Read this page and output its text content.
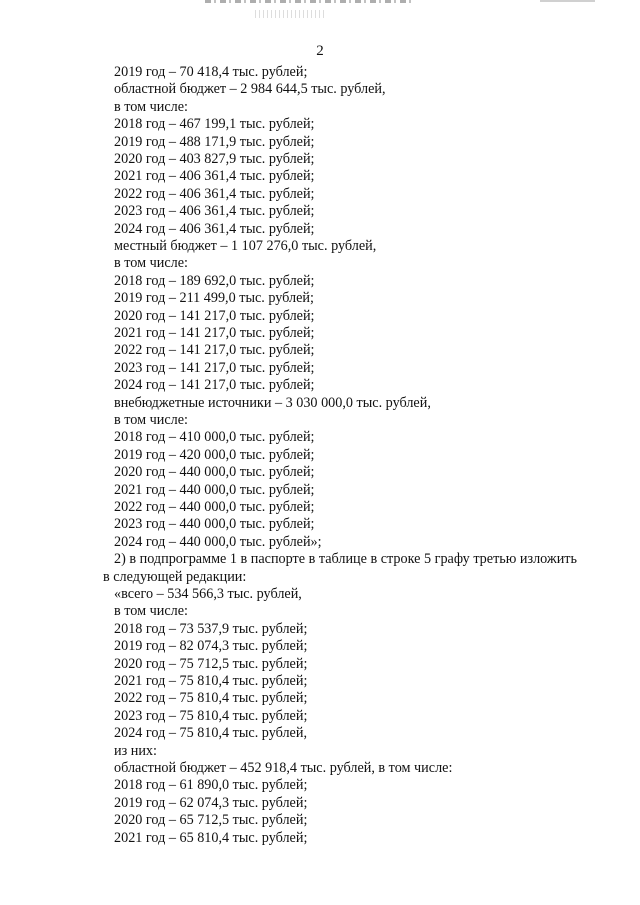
2
2019 год – 70 418,4 тыс. рублей;
областной бюджет – 2 984 644,5 тыс. рублей,
в том числе:
2018 год – 467 199,1 тыс. рублей;
2019 год – 488 171,9 тыс. рублей;
2020 год – 403 827,9 тыс. рублей;
2021 год – 406 361,4 тыс. рублей;
2022 год – 406 361,4 тыс. рублей;
2023 год – 406 361,4 тыс. рублей;
2024 год – 406 361,4 тыс. рублей;
местный бюджет – 1 107 276,0 тыс. рублей,
в том числе:
2018 год – 189 692,0 тыс. рублей;
2019 год – 211 499,0 тыс. рублей;
2020 год – 141 217,0 тыс. рублей;
2021 год – 141 217,0 тыс. рублей;
2022 год – 141 217,0 тыс. рублей;
2023 год – 141 217,0 тыс. рублей;
2024 год – 141 217,0 тыс. рублей;
внебюджетные источники – 3 030 000,0 тыс. рублей,
в том числе:
2018 год – 410 000,0 тыс. рублей;
2019 год – 420 000,0 тыс. рублей;
2020 год – 440 000,0 тыс. рублей;
2021 год – 440 000,0 тыс. рублей;
2022 год – 440 000,0 тыс. рублей;
2023 год – 440 000,0 тыс. рублей;
2024 год – 440 000,0 тыс. рублей»;
2) в подпрограмме 1 в паспорте в таблице в строке 5 графу третью изложить
в следующей редакции:
«всего – 534 566,3 тыс. рублей,
в том числе:
2018 год – 73 537,9 тыс. рублей;
2019 год – 82 074,3 тыс. рублей;
2020 год – 75 712,5 тыс. рублей;
2021 год – 75 810,4 тыс. рублей;
2022 год – 75 810,4 тыс. рублей;
2023 год – 75 810,4 тыс. рублей;
2024 год – 75 810,4 тыс. рублей,
из них:
областной бюджет – 452 918,4 тыс. рублей, в том числе:
2018 год – 61 890,0 тыс. рублей;
2019 год – 62 074,3 тыс. рублей;
2020 год – 65 712,5 тыс. рублей;
2021 год – 65 810,4 тыс. рублей;
